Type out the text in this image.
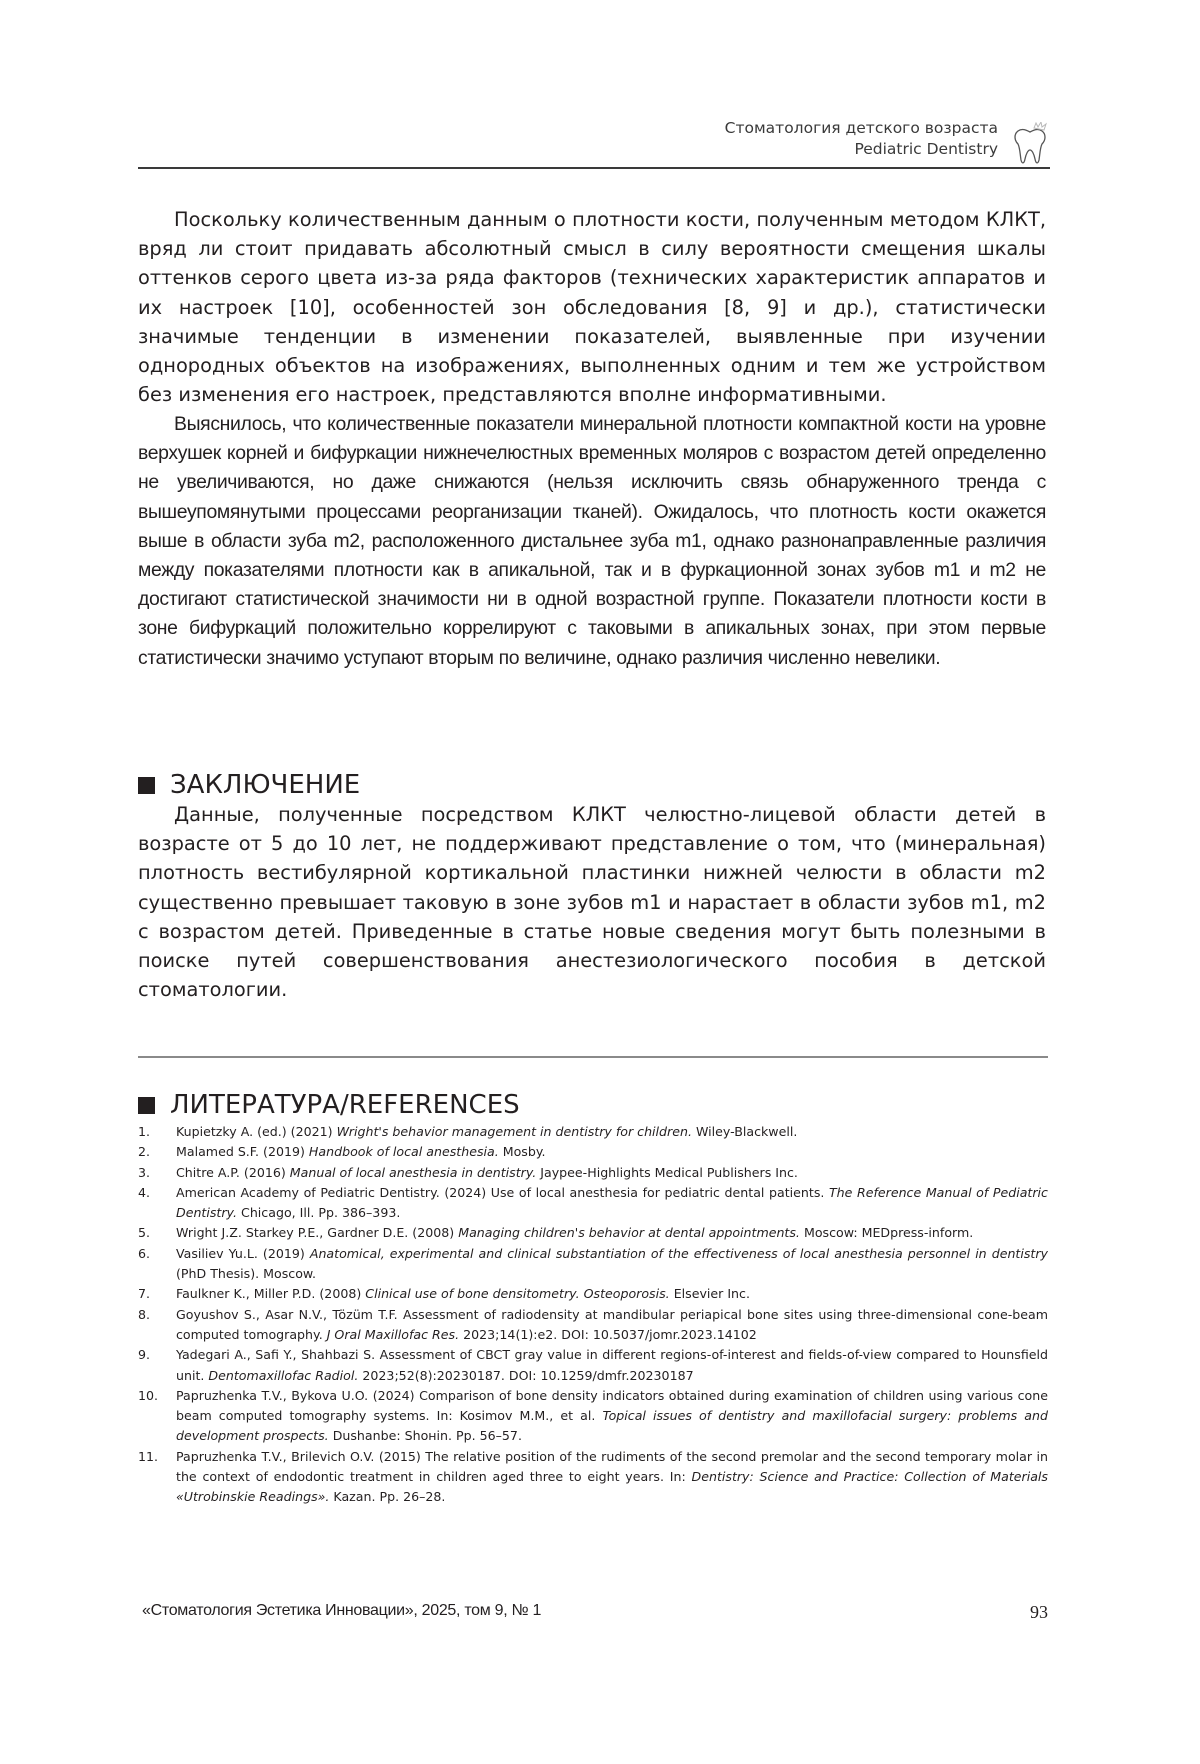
Стоматология детского возраста
Pediatric Dentistry

Поскольку количественным данным о плотности кости, полученным методом КЛКТ, вряд ли стоит придавать абсолютный смысл в силу вероятности смещения шкалы оттенков серого цвета из-за ряда факторов (технических характеристик аппаратов и их настроек [10], особенностей зон обследования [8, 9] и др.), статистически значимые тенденции в изменении показателей, выявленные при изучении однородных объектов на изображениях, выполненных одним и тем же устройством без изменения его настроек, представляются вполне информативными.

Выяснилось, что количественные показатели минеральной плотности компактной кости на уровне верхушек корней и бифуркации нижнечелюстных временных моляров с возрастом детей определенно не увеличиваются, но даже снижаются (нельзя исключить связь обнаруженного тренда с вышеупомянутыми процессами реорганизации тканей). Ожидалось, что плотность кости окажется выше в области зуба m2, расположенного дистальнее зуба m1, однако разнонаправленные различия между показателями плотности как в апикальной, так и в фуркационной зонах зубов m1 и m2 не достигают статистической значимости ни в одной возрастной группе. Показатели плотности кости в зоне бифуркаций положительно коррелируют с таковыми в апикальных зонах, при этом первые статистически значимо уступают вторым по величине, однако различия численно невелики.

ЗАКЛЮЧЕНИЕ

Данные, полученные посредством КЛКТ челюстно-лицевой области детей в возрасте от 5 до 10 лет, не поддерживают представление о том, что (минеральная) плотность вестибулярной кортикальной пластинки нижней челюсти в области m2 существенно превышает таковую в зоне зубов m1 и нарастает в области зубов m1, m2 с возрастом детей. Приведенные в статье новые сведения могут быть полезными в поиске путей совершенствования анестезиологического пособия в детской стоматологии.

ЛИТЕРАТУРА/REFERENCES
1. Kupietzky A. (ed.) (2021) Wright's behavior management in dentistry for children. Wiley-Blackwell.
2. Malamed S.F. (2019) Handbook of local anesthesia. Mosby.
3. Chitre A.P. (2016) Manual of local anesthesia in dentistry. Jaypee-Highlights Medical Publishers Inc.
4. American Academy of Pediatric Dentistry. (2024) Use of local anesthesia for pediatric dental patients. The Reference Manual of Pediatric Dentistry. Chicago, Ill. Pp. 386–393.
5. Wright J.Z. Starkey P.E., Gardner D.E. (2008) Managing children's behavior at dental appointments. Moscow: MEDpress-inform.
6. Vasiliev Yu.L. (2019) Anatomical, experimental and clinical substantiation of the effectiveness of local anesthesia personnel in dentistry (PhD Thesis). Moscow.
7. Faulkner K., Miller P.D. (2008) Clinical use of bone densitometry. Osteoporosis. Elsevier Inc.
8. Goyushov S., Asar N.V., Tözüm T.F. Assessment of radiodensity at mandibular periapical bone sites using three-dimensional cone-beam computed tomography. J Oral Maxillofac Res. 2023;14(1):e2. DOI: 10.5037/jomr.2023.14102
9. Yadegari A., Safi Y., Shahbazi S. Assessment of CBCT gray value in different regions-of-interest and fields-of-view compared to Hounsfield unit. Dentomaxillofac Radiol. 2023;52(8):20230187. DOI: 10.1259/dmfr.20230187
10. Papruzhenka T.V., Bykova U.O. (2024) Comparison of bone density indicators obtained during examination of children using various cone beam computed tomography systems. In: Kosimov M.M., et al. Topical issues of dentistry and maxillofacial surgery: problems and development prospects. Dushanbe: Shoнin. Pp. 56–57.
11. Papruzhenka T.V., Brilevich O.V. (2015) The relative position of the rudiments of the second premolar and the second temporary molar in the context of endodontic treatment in children aged three to eight years. In: Dentistry: Science and Practice: Collection of Materials «Utrobinskie Readings». Kazan. Pp. 26–28.
«Стоматология Эстетика Инновации», 2025, том 9, № 1	93
